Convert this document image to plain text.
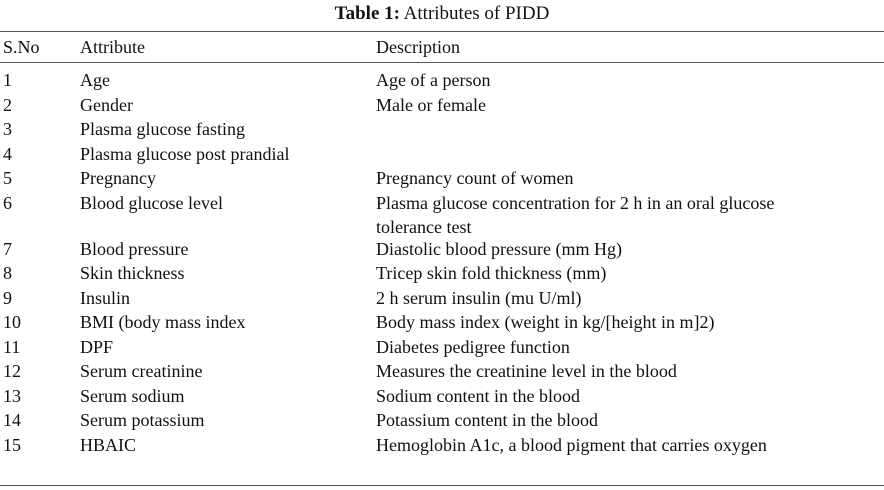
Table 1: Attributes of PIDD
S.No Attribute	Description
1	Age	Age of a person
2	Gender	Male or female
3	Plasma glucose fasting
4	Plasma glucose post prandial
5	Pregnancy	Pregnancy count of women
6	Blood glucose level	Plasma glucose concentration for 2 h in an oral glucose tolerance test
7	Blood pressure	Diastolic blood pressure (mm Hg)
8	Skin thickness	Tricep skin fold thickness (mm)
9	Insulin	2 h serum insulin (mu U/ml)
10	BMI (body mass index	Body mass index (weight in kg/[height in m]2)
11	DPF	Diabetes pedigree function
12	Serum creatinine	Measures the creatinine level in the blood
13	Serum sodium	Sodium content in the blood
14	Serum potassium	Potassium content in the blood
15	HBAIC	Hemoglobin A1c, a blood pigment that carries oxygen
